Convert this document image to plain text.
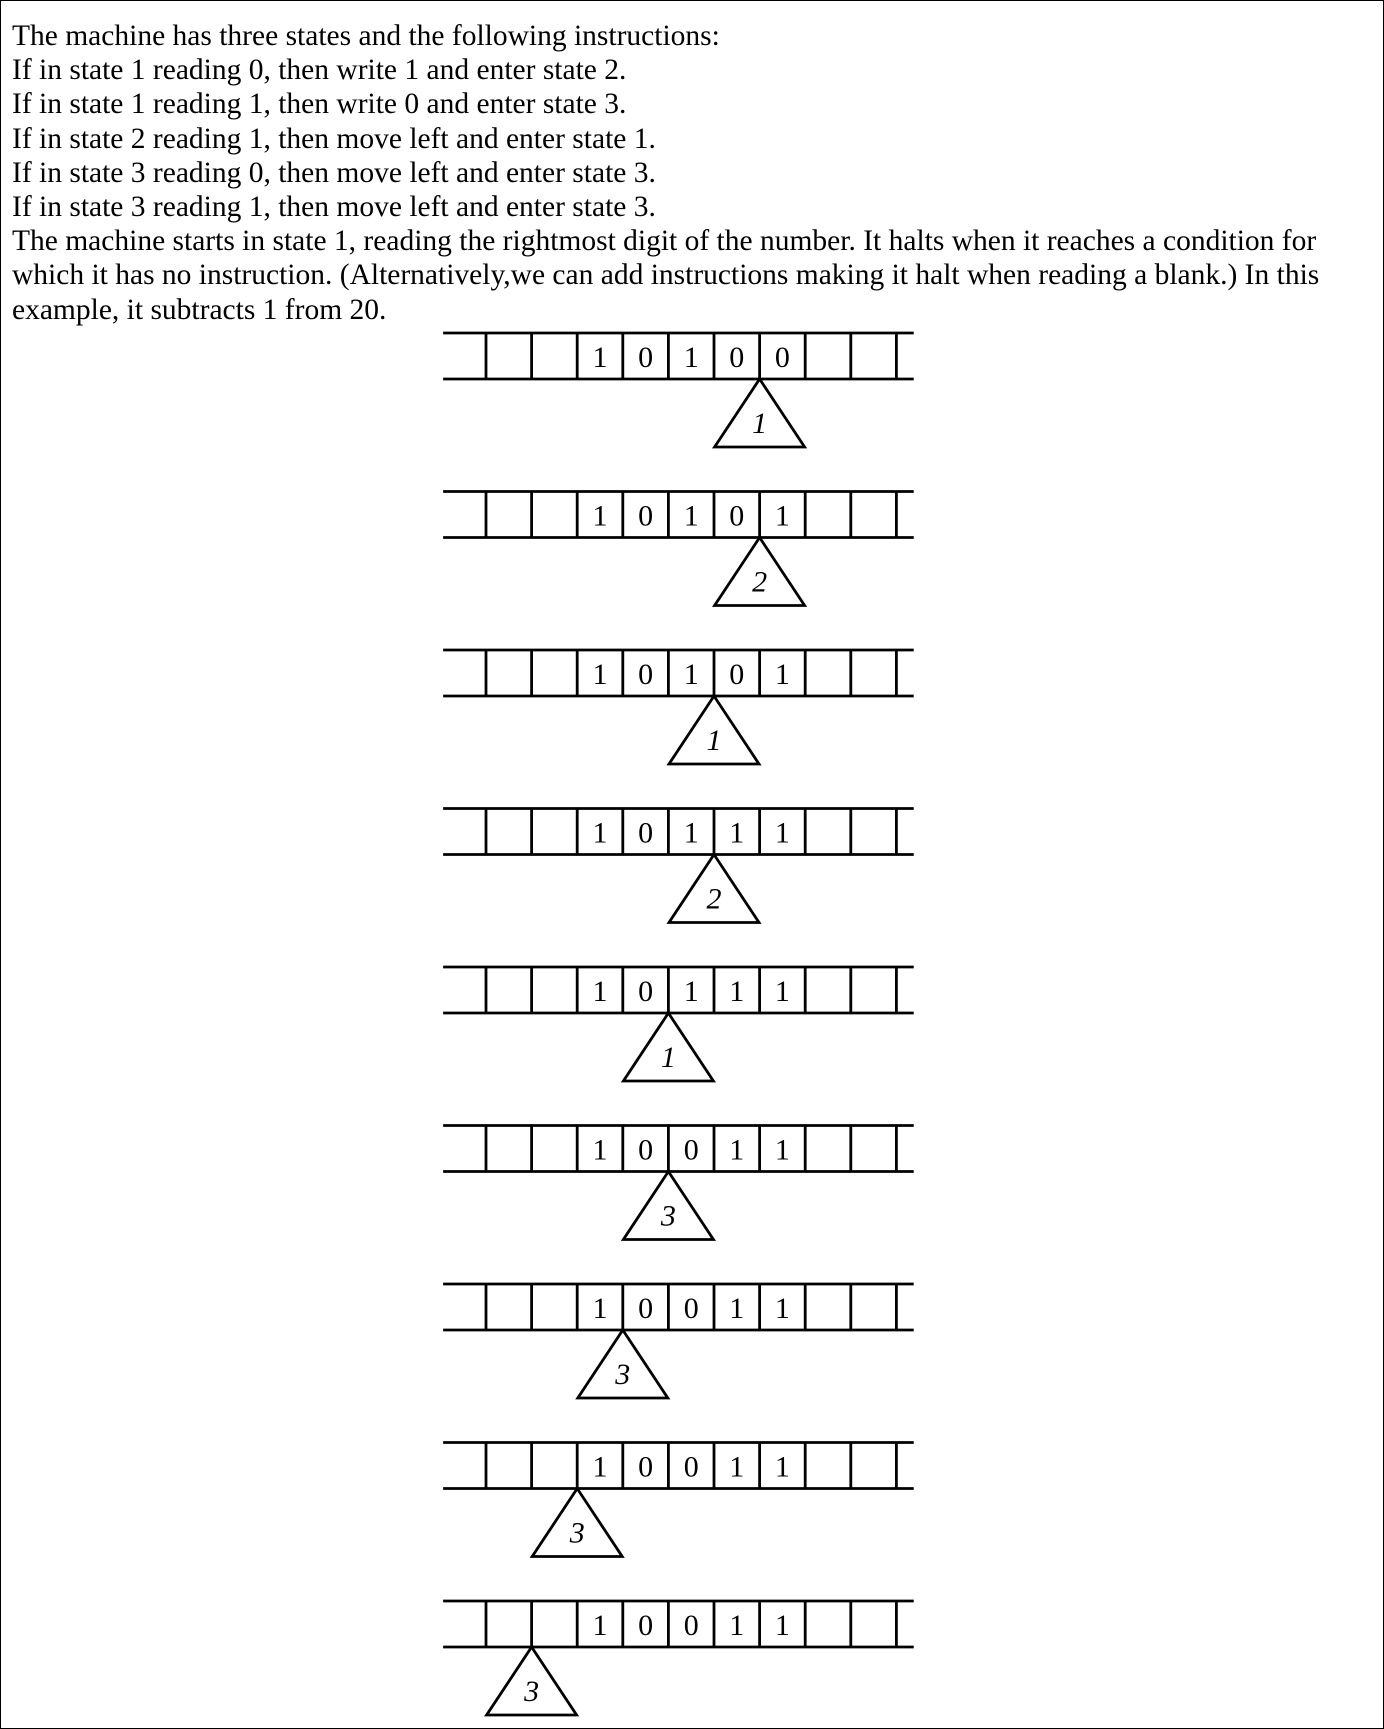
The machine has three states and the following instructions:
If in state 1 reading 0, then write 1 and enter state 2.
If in state 1 reading 1, then write 0 and enter state 3.
If in state 2 reading 1, then move left and enter state 1.
If in state 3 reading 0, then move left and enter state 3.
If in state 3 reading 1, then move left and enter state 3.
The machine starts in state 1, reading the rightmost digit of the number. It halts when it reaches a condition for which it has no instruction. (Alternatively,we can add instructions making it halt when reading a blank.) In this example, it subtracts 1 from 20.
1 0 1 0 0
1
1 0 1 0 1
2
1 0 1 0 1
1
1 0 1 1 1
2
1 0 1 1 1
1
1 0 0 1 1
3
1 0 0 1 1
3
1 0 0 1 1
3
1 0 0 1 1
3
